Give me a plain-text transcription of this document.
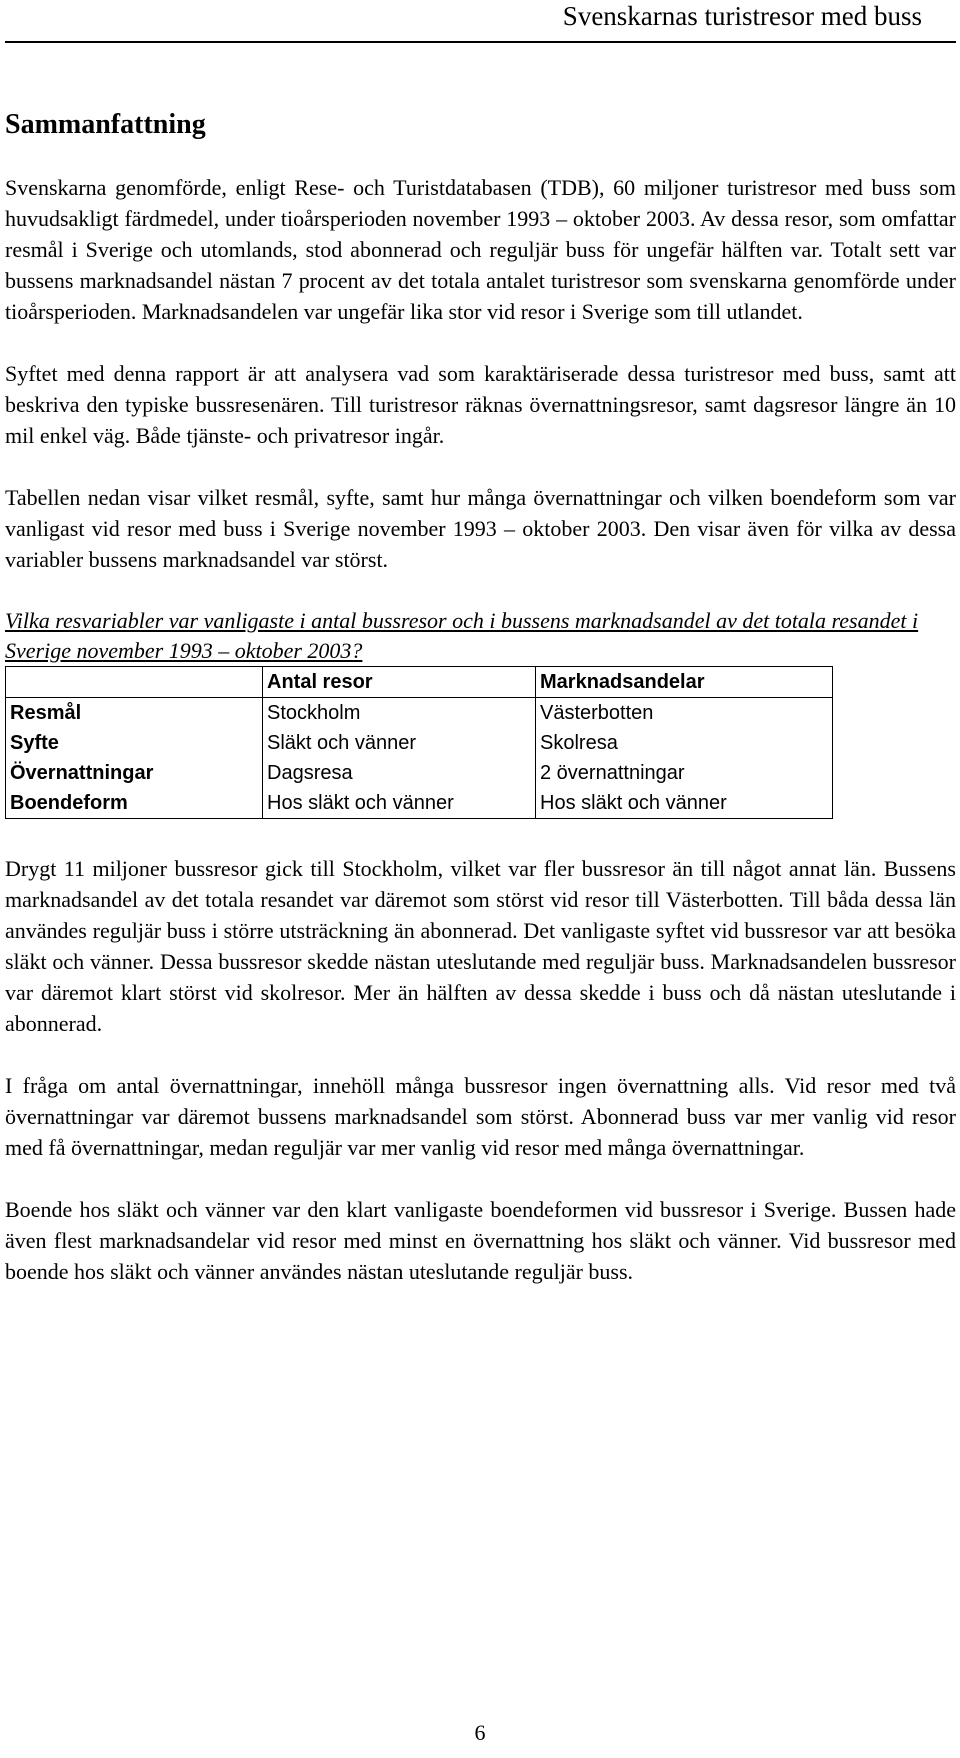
Svenskarnas turistresor med buss
Sammanfattning

Svenskarna genomförde, enligt Rese- och Turistdatabasen (TDB), 60 miljoner turistresor med buss som huvudsakligt färdmedel, under tioårsperioden november 1993 – oktober 2003. Av dessa resor, som omfattar resmål i Sverige och utomlands, stod abonnerad och reguljär buss för ungefär hälften var. Totalt sett var bussens marknadsandel nästan 7 procent av det totala antalet turistresor som svenskarna genomförde under tioårsperioden. Marknadsandelen var ungefär lika stor vid resor i Sverige som till utlandet.

Syftet med denna rapport är att analysera vad som karaktäriserade dessa turistresor med buss, samt att beskriva den typiske bussresenären. Till turistresor räknas övernattningsresor, samt dagsresor längre än 10 mil enkel väg. Både tjänste- och privatresor ingår.

Tabellen nedan visar vilket resmål, syfte, samt hur många övernattningar och vilken boendeform som var vanligast vid resor med buss i Sverige november 1993 – oktober 2003. Den visar även för vilka av dessa variabler bussens marknadsandel var störst.

Vilka resvariabler var vanligaste i antal bussresor och i bussens marknadsandel av det totala resandet i Sverige november 1993 – oktober 2003?

	Antal resor	Marknadsandelar
Resmål	Stockholm	Västerbotten
Syfte	Släkt och vänner	Skolresa
Övernattningar	Dagsresa	2 övernattningar
Boendeform	Hos släkt och vänner	Hos släkt och vänner

Drygt 11 miljoner bussresor gick till Stockholm, vilket var fler bussresor än till något annat län. Bussens marknadsandel av det totala resandet var däremot som störst vid resor till Västerbotten. Till båda dessa län användes reguljär buss i större utsträckning än abonnerad. Det vanligaste syftet vid bussresor var att besöka släkt och vänner. Dessa bussresor skedde nästan uteslutande med reguljär buss. Marknadsandelen bussresor var däremot klart störst vid skolresor. Mer än hälften av dessa skedde i buss och då nästan uteslutande i abonnerad.

I fråga om antal övernattningar, innehöll många bussresor ingen övernattning alls. Vid resor med två övernattningar var däremot bussens marknadsandel som störst. Abonnerad buss var mer vanlig vid resor med få övernattningar, medan reguljär var mer vanlig vid resor med många övernattningar.

Boende hos släkt och vänner var den klart vanligaste boendeformen vid bussresor i Sverige. Bussen hade även flest marknadsandelar vid resor med minst en övernattning hos släkt och vänner. Vid bussresor med boende hos släkt och vänner användes nästan uteslutande reguljär buss.

6
